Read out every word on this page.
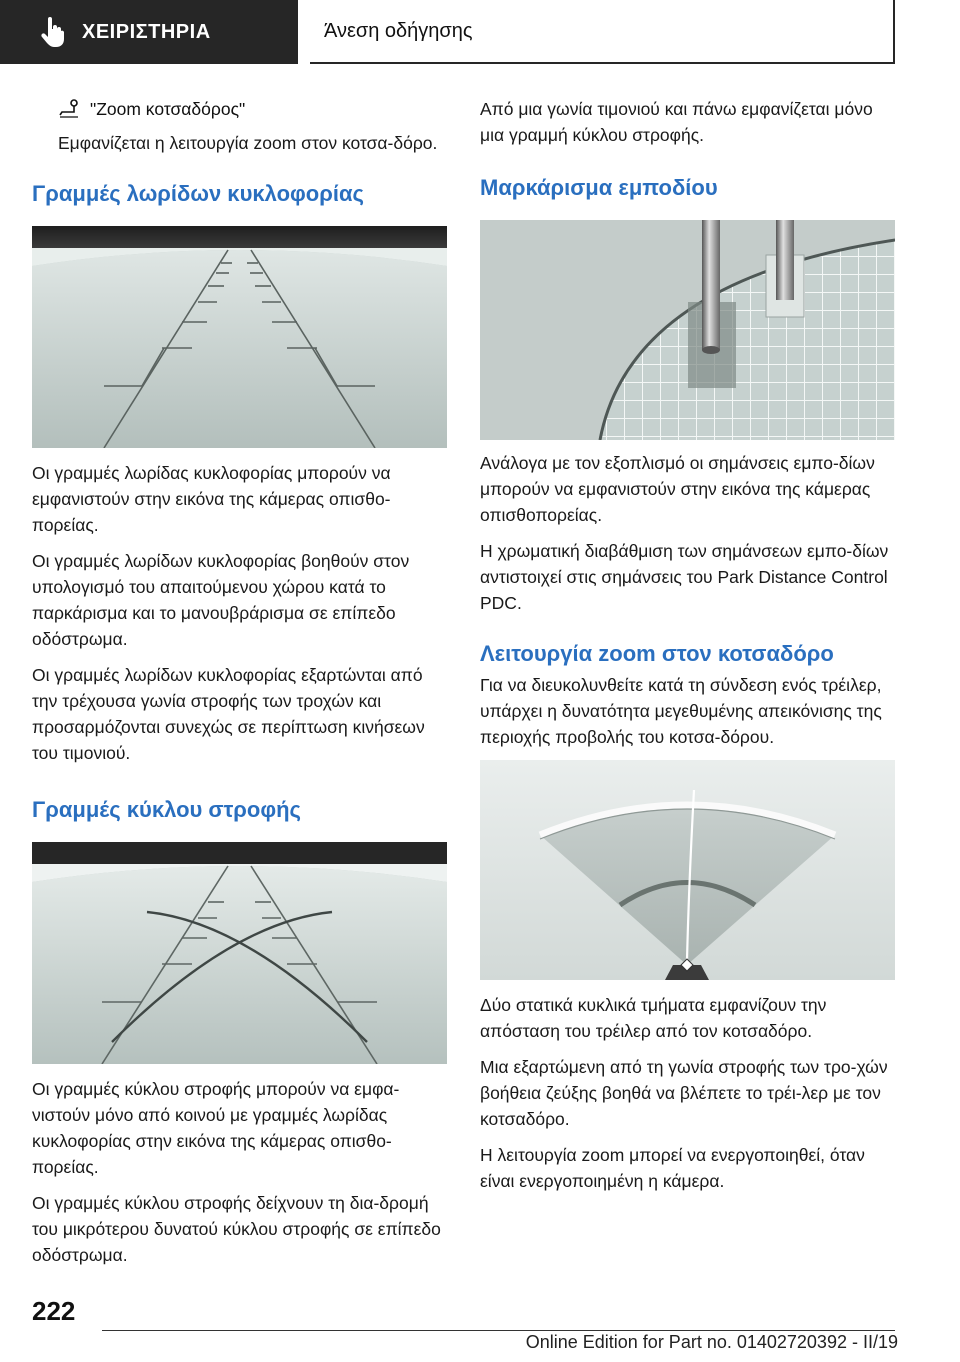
ΧΕΙΡΙΣΤΗΡΙΑ	Άνεση οδήγησης
"Zoom κοτσαδόρος"

Εμφανίζεται η λειτουργία zoom στον κοτσα-δόρο.

Γραμμές λωρίδων κυκλοφορίας

Οι γραμμές λωρίδας κυκλοφορίας μπορούν να εμφανιστούν στην εικόνα της κάμερας οπισθο-πορείας.

Οι γραμμές λωρίδων κυκλοφορίας βοηθούν στον υπολογισμό του απαιτούμενου χώρου κατά το παρκάρισμα και το μανουβράρισμα σε επίπεδο οδόστρωμα.

Οι γραμμές λωρίδων κυκλοφορίας εξαρτώνται από την τρέχουσα γωνία στροφής των τροχών και προσαρμόζονται συνεχώς σε περίπτωση κινήσεων του τιμονιού.

Γραμμές κύκλου στροφής

Οι γραμμές κύκλου στροφής μπορούν να εμφα-νιστούν μόνο από κοινού με γραμμές λωρίδας κυκλοφορίας στην εικόνα της κάμερας οπισθο-πορείας.

Οι γραμμές κύκλου στροφής δείχνουν τη δια-δρομή του μικρότερου δυνατού κύκλου στροφής σε επίπεδο οδόστρωμα.

Από μια γωνία τιμονιού και πάνω εμφανίζεται μόνο μια γραμμή κύκλου στροφής.

Μαρκάρισμα εμποδίου

Ανάλογα με τον εξοπλισμό οι σημάνσεις εμπο-δίων μπορούν να εμφανιστούν στην εικόνα της κάμερας οπισθοπορείας.

Η χρωματική διαβάθμιση των σημάνσεων εμπο-δίων αντιστοιχεί στις σημάνσεις του Park Distance Control PDC.

Λειτουργία zoom στον κοτσαδόρο

Για να διευκολυνθείτε κατά τη σύνδεση ενός τρέιλερ, υπάρχει η δυνατότητα μεγεθυμένης απεικόνισης της περιοχής προβολής του κοτσα-δόρου.

Δύο στατικά κυκλικά τμήματα εμφανίζουν την απόσταση του τρέιλερ από τον κοτσαδόρο.

Μια εξαρτώμενη από τη γωνία στροφής των τρο-χών βοήθεια ζεύξης βοηθά να βλέπετε το τρέι-λερ με τον κοτσαδόρο.

Η λειτουργία zoom μπορεί να ενεργοποιηθεί, όταν είναι ενεργοποιημένη η κάμερα.

222
Online Edition for Part no. 01402720392 - II/19
